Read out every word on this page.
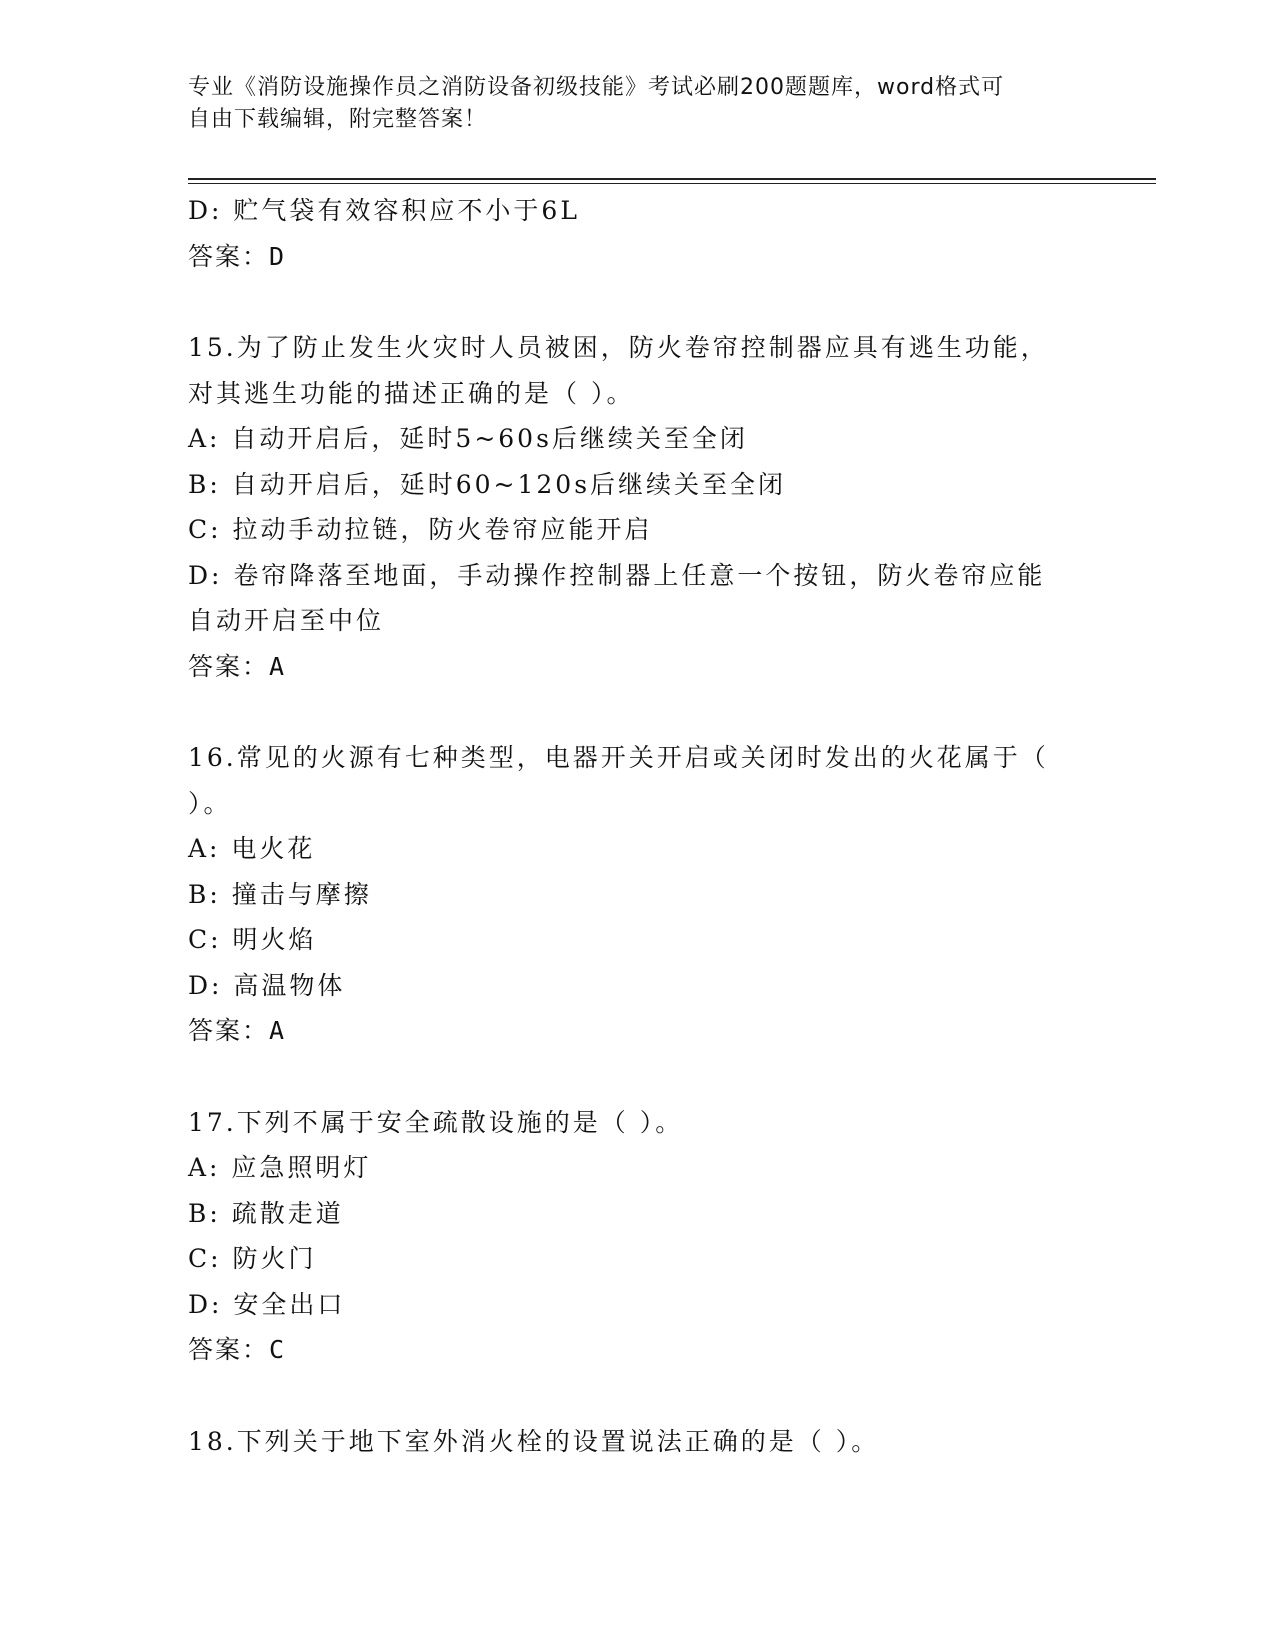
专业《消防设施操作员之消防设备初级技能》考试必刷200题题库，word格式可
自由下载编辑，附完整答案！
D: 贮气袋有效容积应不小于6L
答案：D
15.为了防止发生火灾时人员被困，防火卷帘控制器应具有逃生功能，
对其逃生功能的描述正确的是（ ）。
A: 自动开启后，延时5~60s后继续关至全闭
B: 自动开启后，延时60~120s后继续关至全闭
C: 拉动手动拉链，防火卷帘应能开启
D: 卷帘降落至地面，手动操作控制器上任意一个按钮，防火卷帘应能
自动开启至中位
答案：A
16.常见的火源有七种类型，电器开关开启或关闭时发出的火花属于（
）。
A: 电火花
B: 撞击与摩擦
C: 明火焰
D: 高温物体
答案：A
17.下列不属于安全疏散设施的是（ ）。
A: 应急照明灯
B: 疏散走道
C: 防火门
D: 安全出口
答案：C
18.下列关于地下室外消火栓的设置说法正确的是（ ）。
